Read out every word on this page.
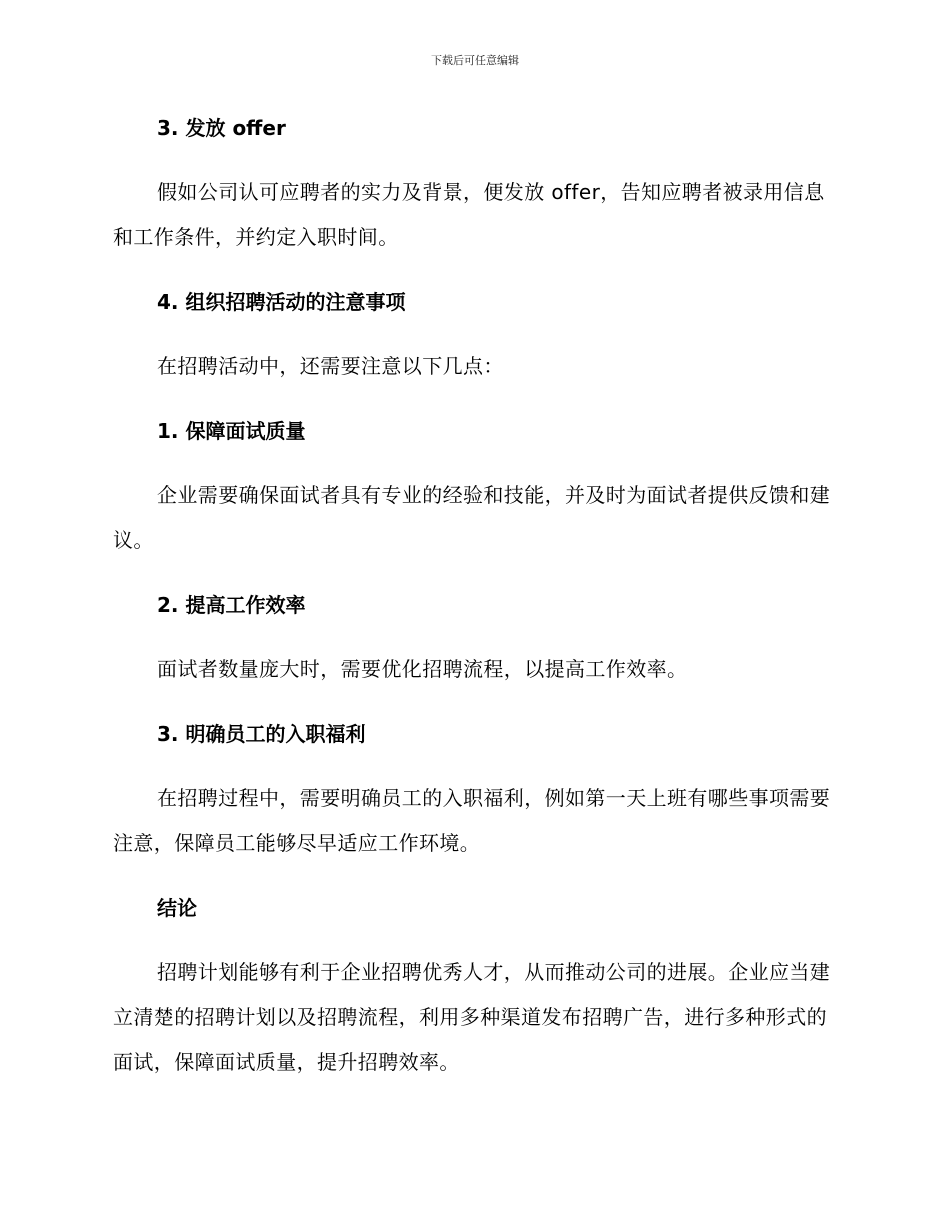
下载后可任意编辑
3. 发放 offer
假如公司认可应聘者的实力及背景，便发放 offer，告知应聘者被录用信息和工作条件，并约定入职时间。
4. 组织招聘活动的注意事项
在招聘活动中，还需要注意以下几点：
1. 保障面试质量
企业需要确保面试者具有专业的经验和技能，并及时为面试者提供反馈和建议。
2. 提高工作效率
面试者数量庞大时，需要优化招聘流程，以提高工作效率。
3. 明确员工的入职福利
在招聘过程中，需要明确员工的入职福利，例如第一天上班有哪些事项需要注意，保障员工能够尽早适应工作环境。
结论
招聘计划能够有利于企业招聘优秀人才，从而推动公司的进展。企业应当建立清楚的招聘计划以及招聘流程，利用多种渠道发布招聘广告，进行多种形式的面试，保障面试质量，提升招聘效率。
